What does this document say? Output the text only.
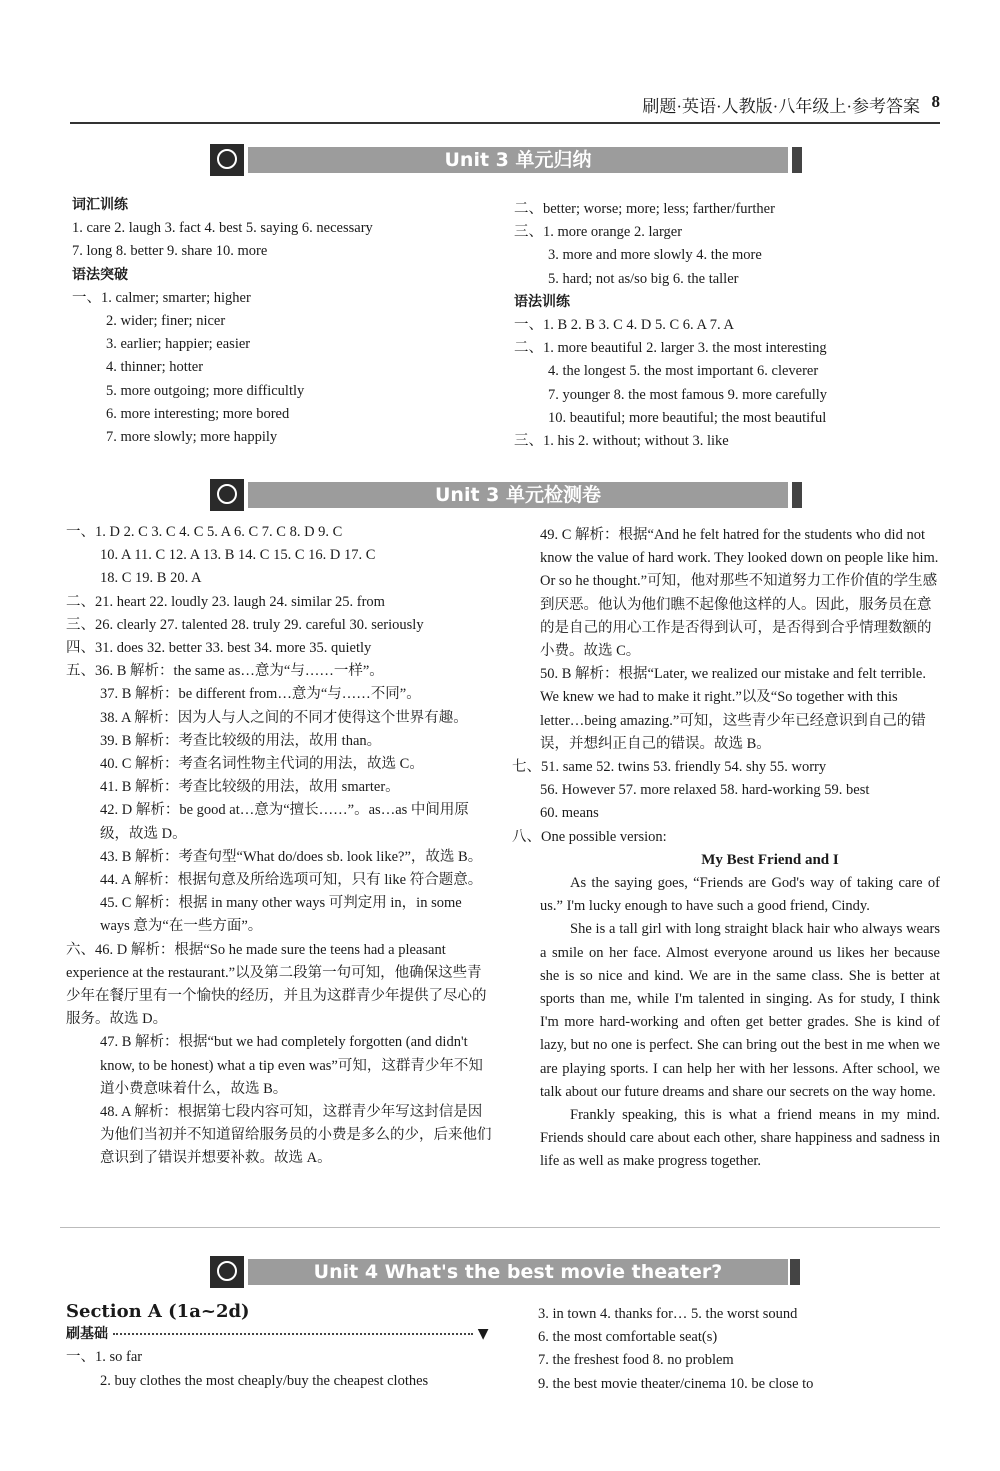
刷题·英语·人教版·八年级上·参考答案 8
Unit 3 单元归纳
词汇训练
1. care 2. laugh 3. fact 4. best 5. saying 6. necessary
7. long 8. better 9. share 10. more
语法突破
一、1. calmer; smarter; higher
2. wider; finer; nicer
3. earlier; happier; easier
4. thinner; hotter
5. more outgoing; more difficultly
6. more interesting; more bored
7. more slowly; more happily
二、better; worse; more; less; farther/further
三、1. more orange 2. larger
3. more and more slowly 4. the more
5. hard; not as/so big 6. the taller
语法训练
一、1. B 2. B 3. C 4. D 5. C 6. A 7. A
二、1. more beautiful 2. larger 3. the most interesting
4. the longest 5. the most important 6. cleverer
7. younger 8. the most famous 9. more carefully
10. beautiful; more beautiful; the most beautiful
三、1. his 2. without; without 3. like
Unit 3 单元检测卷
一、1. D 2. C 3. C 4. C 5. A 6. C 7. C 8. D 9. C
10. A 11. C 12. A 13. B 14. C 15. C 16. D 17. C
18. C 19. B 20. A
二、21. heart 22. loudly 23. laugh 24. similar 25. from
三、26. clearly 27. talented 28. truly 29. careful 30. seriously
四、31. does 32. better 33. best 34. more 35. quietly
五、36. B 解析：the same as…意为“与……一样”。
37. B 解析：be different from…意为“与……不同”。
38. A 解析：因为人与人之间的不同才使得这个世界有趣。
39. B 解析：考查比较级的用法，故用 than。
40. C 解析：考查名词性物主代词的用法，故选 C。
41. B 解析：考查比较级的用法，故用 smarter。
42. D 解析：be good at…意为“擅长……”。as…as 中间用原级，故选 D。
43. B 解析：考查句型“What do/does sb. look like?”，故选 B。
44. A 解析：根据句意及所给选项可知，只有 like 符合题意。
45. C 解析：根据 in many other ways 可判定用 in，in some ways 意为“在一些方面”。
六、46. D 解析：根据“So he made sure the teens had a pleasant experience at the restaurant.”以及第二段第一句可知，他确保这些青少年在餐厅里有一个愉快的经历，并且为这群青少年提供了尽心的服务。故选 D。
47. B 解析：根据“but we had completely forgotten (and didn't know, to be honest) what a tip even was”可知，这群青少年不知道小费意味着什么，故选 B。
48. A 解析：根据第七段内容可知，这群青少年写这封信是因为他们当初并不知道留给服务员的小费是多么的少，后来他们意识到了错误并想要补救。故选 A。
49. C 解析：根据“And he felt hatred for the students who did not know the value of hard work. They looked down on people like him. Or so he thought.”可知，他对那些不知道努力工作价值的学生感到厌恶。他认为他们瞧不起像他这样的人。因此，服务员在意的是自己的用心工作是否得到认可，是否得到合乎情理数额的小费。故选 C。
50. B 解析：根据“Later, we realized our mistake and felt terrible. We knew we had to make it right.”以及“So together with this letter…being amazing.”可知，这些青少年已经意识到自己的错误，并想纠正自己的错误。故选 B。
七、51. same 52. twins 53. friendly 54. shy 55. worry
56. However 57. more relaxed 58. hard-working 59. best
60. means
八、One possible version:
My Best Friend and I
As the saying goes, “Friends are God's way of taking care of us.” I'm lucky enough to have such a good friend, Cindy.
She is a tall girl with long straight black hair who always wears a smile on her face. Almost everyone around us likes her because she is so nice and kind. We are in the same class. She is better at sports than me, while I'm talented in singing. As for study, I think I'm more hard-working and often get better grades. She is kind of lazy, but no one is perfect. She can bring out the best in me when we are playing sports. I can help her with her lessons. After school, we talk about our future dreams and share our secrets on the way home.
Frankly speaking, this is what a friend means in my mind. Friends should care about each other, share happiness and sadness in life as well as make progress together.
Unit 4 What's the best movie theater?
Section A (1a~2d)
刷基础	▼
一、1. so far
2. buy clothes the most cheaply/buy the cheapest clothes
3. in town 4. thanks for… 5. the worst sound
6. the most comfortable seat(s)
7. the freshest food 8. no problem
9. the best movie theater/cinema 10. be close to
